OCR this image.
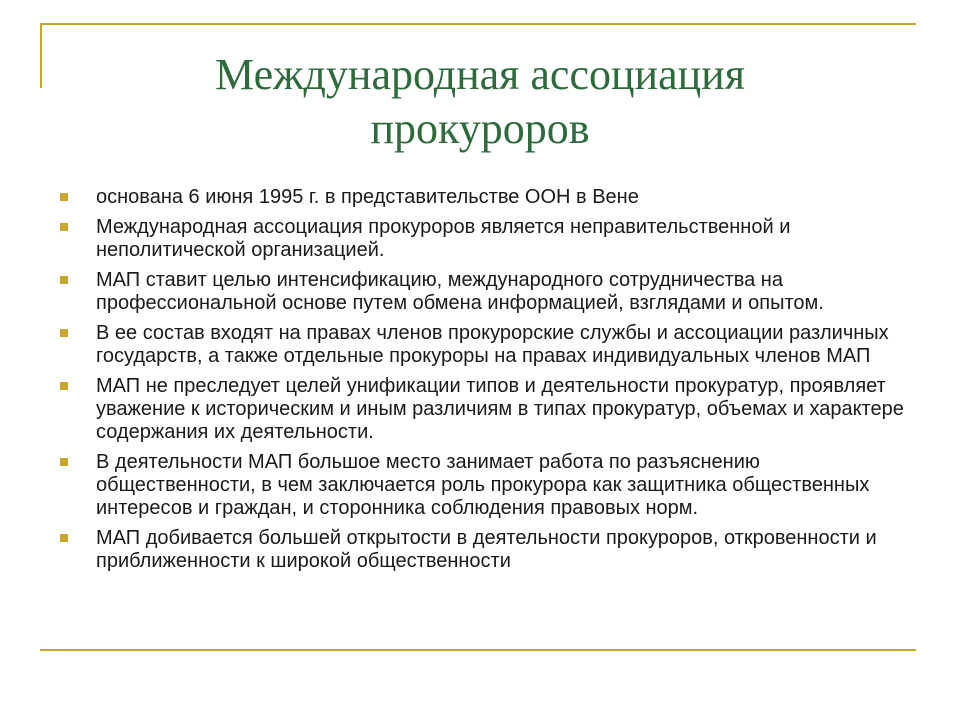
Международная ассоциация
прокуроров
основана 6 июня 1995 г. в представительстве ООН в Вене
Международная ассоциация прокуроров является неправительственной и неполитической организацией.
МАП ставит целью интенсификацию, международного сотрудничества на профессиональной основе путем обмена информацией, взглядами и опытом.
В ее состав входят на правах членов прокурорские службы и ассоциации различных государств, а также отдельные прокуроры на правах индивидуальных членов МАП
МАП не преследует целей унификации типов и деятельности прокуратур, проявляет уважение к историческим и иным различиям в типах прокуратур, объемах и характере содержания их деятельности.
В деятельности МАП большое место занимает работа по разъяснению общественности, в чем заключается роль прокурора как защитника общественных интересов и граждан, и сторонника соблюдения правовых норм.
МАП добивается большей открытости в деятельности прокуроров, откровенности и приближенности к широкой общественности
